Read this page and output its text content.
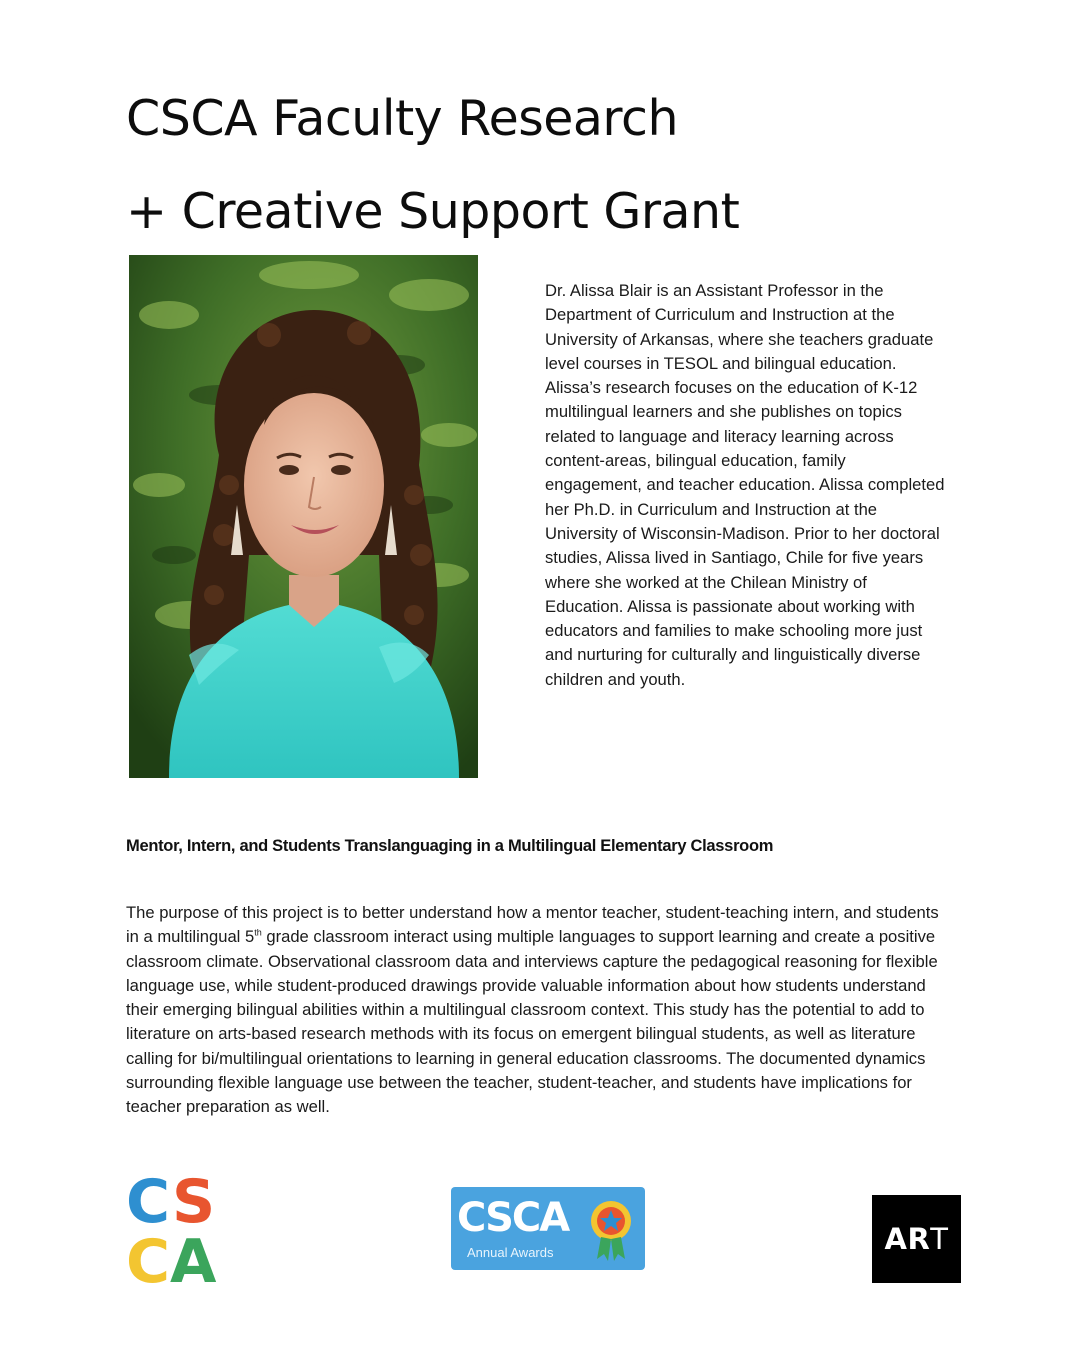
CSCA Faculty Research
+ Creative Support Grant

Dr. Alissa Blair is an Assistant Professor in the Department of Curriculum and Instruction at the University of Arkansas, where she teachers graduate level courses in TESOL and bilingual education. Alissa’s research focuses on the education of K-12 multilingual learners and she publishes on topics related to language and literacy learning across content-areas, bilingual education, family engagement, and teacher education. Alissa completed her Ph.D. in Curriculum and Instruction at the University of Wisconsin-Madison. Prior to her doctoral studies, Alissa lived in Santiago, Chile for five years where she worked at the Chilean Ministry of Education. Alissa is passionate about working with educators and families to make schooling more just and nurturing for culturally and linguistically diverse children and youth.

Mentor, Intern, and Students Translanguaging in a Multilingual Elementary Classroom

The purpose of this project is to better understand how a mentor teacher, student-teaching intern, and students in a multilingual 5th grade classroom interact using multiple languages to support learning and create a positive classroom climate. Observational classroom data and interviews capture the pedagogical reasoning for flexible language use, while student-produced drawings provide valuable information about how students understand their emerging bilingual abilities within a multilingual classroom context. This study has the potential to add to literature on arts-based research methods with its focus on emergent bilingual students, as well as literature calling for bi/multilingual orientations to learning in general education classrooms. The documented dynamics surrounding flexible language use between the teacher, student-teacher, and students have implications for teacher preparation as well.

C S
C A
CSCA
Annual Awards	AR T
